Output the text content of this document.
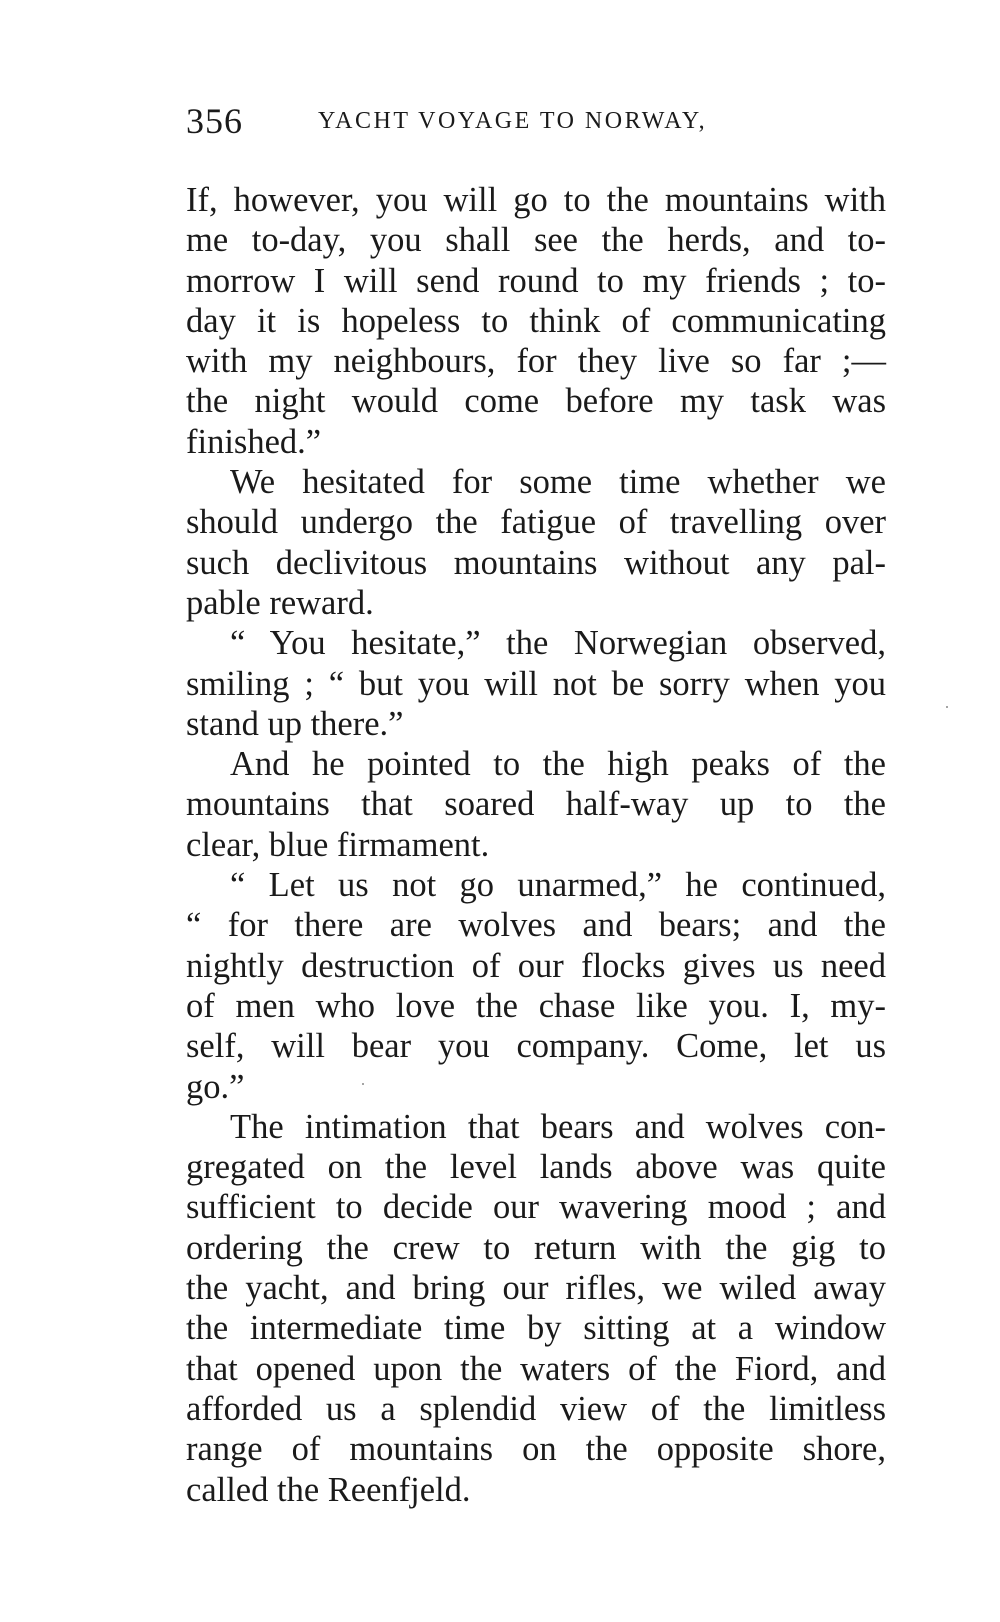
356	YACHT VOYAGE TO NORWAY,
If, however, you will go to the mountains with
me to-day, you shall see the herds, and to-
morrow I will send round to my friends ; to-
day it is hopeless to think of communicating
with my neighbours, for they live so far ;—
the night would come before my task was
finished.”
We hesitated for some time whether we
should undergo the fatigue of travelling over
such declivitous mountains without any pal-
pable reward.
“ You hesitate,” the Norwegian observed,
smiling ; “ but you will not be sorry when you
stand up there.”
And he pointed to the high peaks of the
mountains that soared half-way up to the
clear, blue firmament.
“ Let us not go unarmed,” he continued,
“ for there are wolves and bears; and the
nightly destruction of our flocks gives us need
of men who love the chase like you. I, my-
self, will bear you company. Come, let us
go.”
The intimation that bears and wolves con-
gregated on the level lands above was quite
sufficient to decide our wavering mood ; and
ordering the crew to return with the gig to
the yacht, and bring our rifles, we wiled away
the intermediate time by sitting at a window
that opened upon the waters of the Fiord, and
afforded us a splendid view of the limitless
range of mountains on the opposite shore,
called the Reenfjeld.
